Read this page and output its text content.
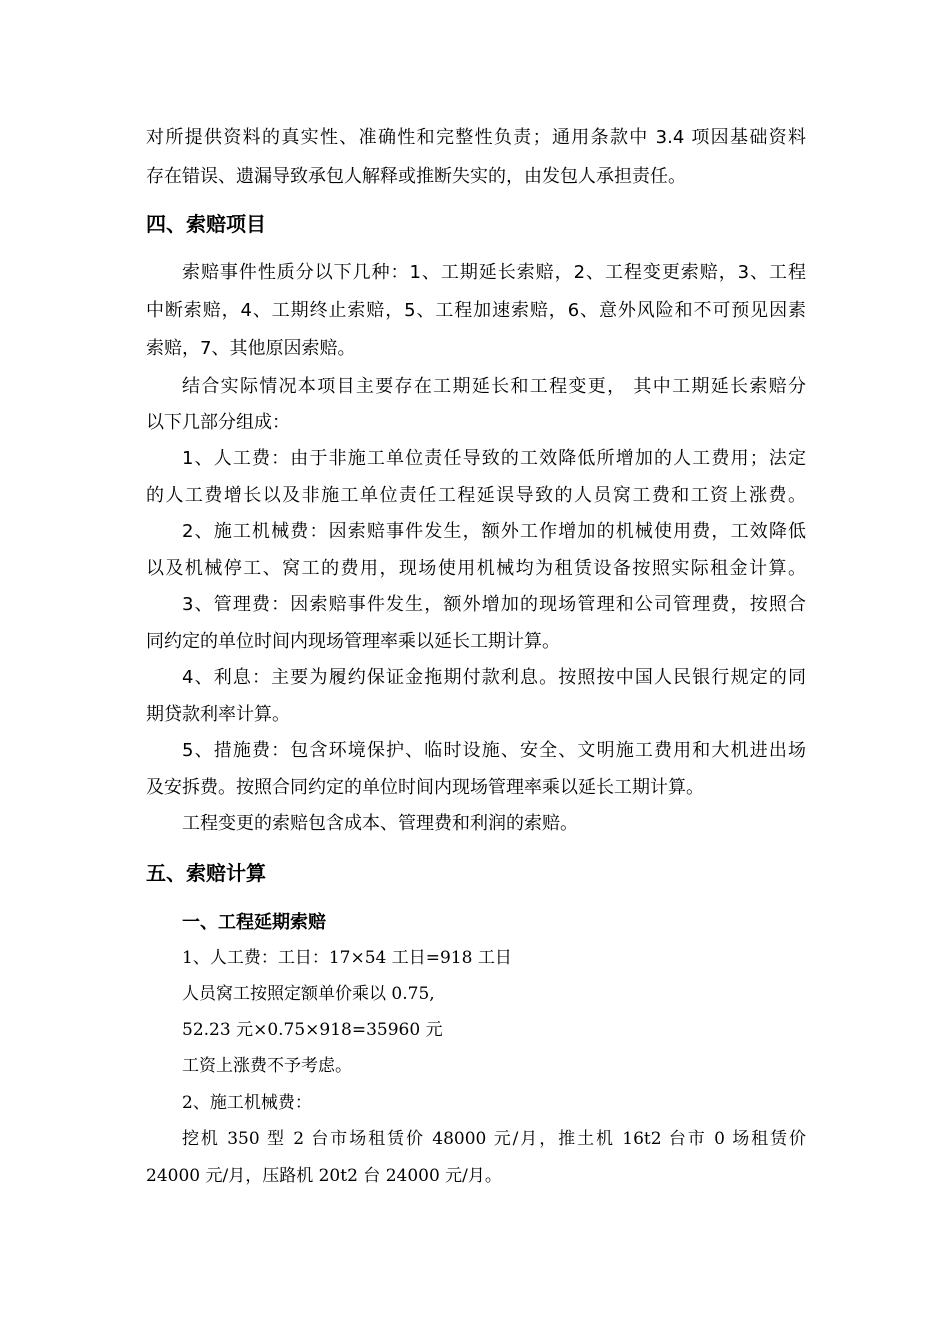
对所提供资料的真实性、准确性和完整性负责；通用条款中 3.4 项因基础资料
存在错误、遗漏导致承包人解释或推断失实的，由发包人承担责任。
四、索赔项目
索赔事件性质分以下几种：1、工期延长索赔，2、工程变更索赔，3、工程
中断索赔，4、工期终止索赔，5、工程加速索赔，6、意外风险和不可预见因素
索赔，7、其他原因索赔。
结合实际情况本项目主要存在工期延长和工程变更， 其中工期延长索赔分
以下几部分组成：
1、人工费：由于非施工单位责任导致的工效降低所增加的人工费用；法定
的人工费增长以及非施工单位责任工程延误导致的人员窝工费和工资上涨费。
2、施工机械费：因索赔事件发生，额外工作增加的机械使用费，工效降低
以及机械停工、窝工的费用，现场使用机械均为租赁设备按照实际租金计算。
3、管理费：因索赔事件发生，额外增加的现场管理和公司管理费，按照合
同约定的单位时间内现场管理率乘以延长工期计算。
4、利息：主要为履约保证金拖期付款利息。按照按中国人民银行规定的同
期贷款利率计算。
5、措施费：包含环境保护、临时设施、安全、文明施工费用和大机进出场
及安拆费。按照合同约定的单位时间内现场管理率乘以延长工期计算。
工程变更的索赔包含成本、管理费和利润的索赔。
五、索赔计算
一、工程延期索赔
1、人工费：工日：17×54 工日=918 工日
人员窝工按照定额单价乘以 0.75,
52.23 元×0.75×918=35960 元
工资上涨费不予考虑。
2、施工机械费：
挖机 350 型 2 台市场租赁价 48000 元/月，推土机 16t2 台市 0 场租赁价
24000 元/月，压路机 20t2 台 24000 元/月。
